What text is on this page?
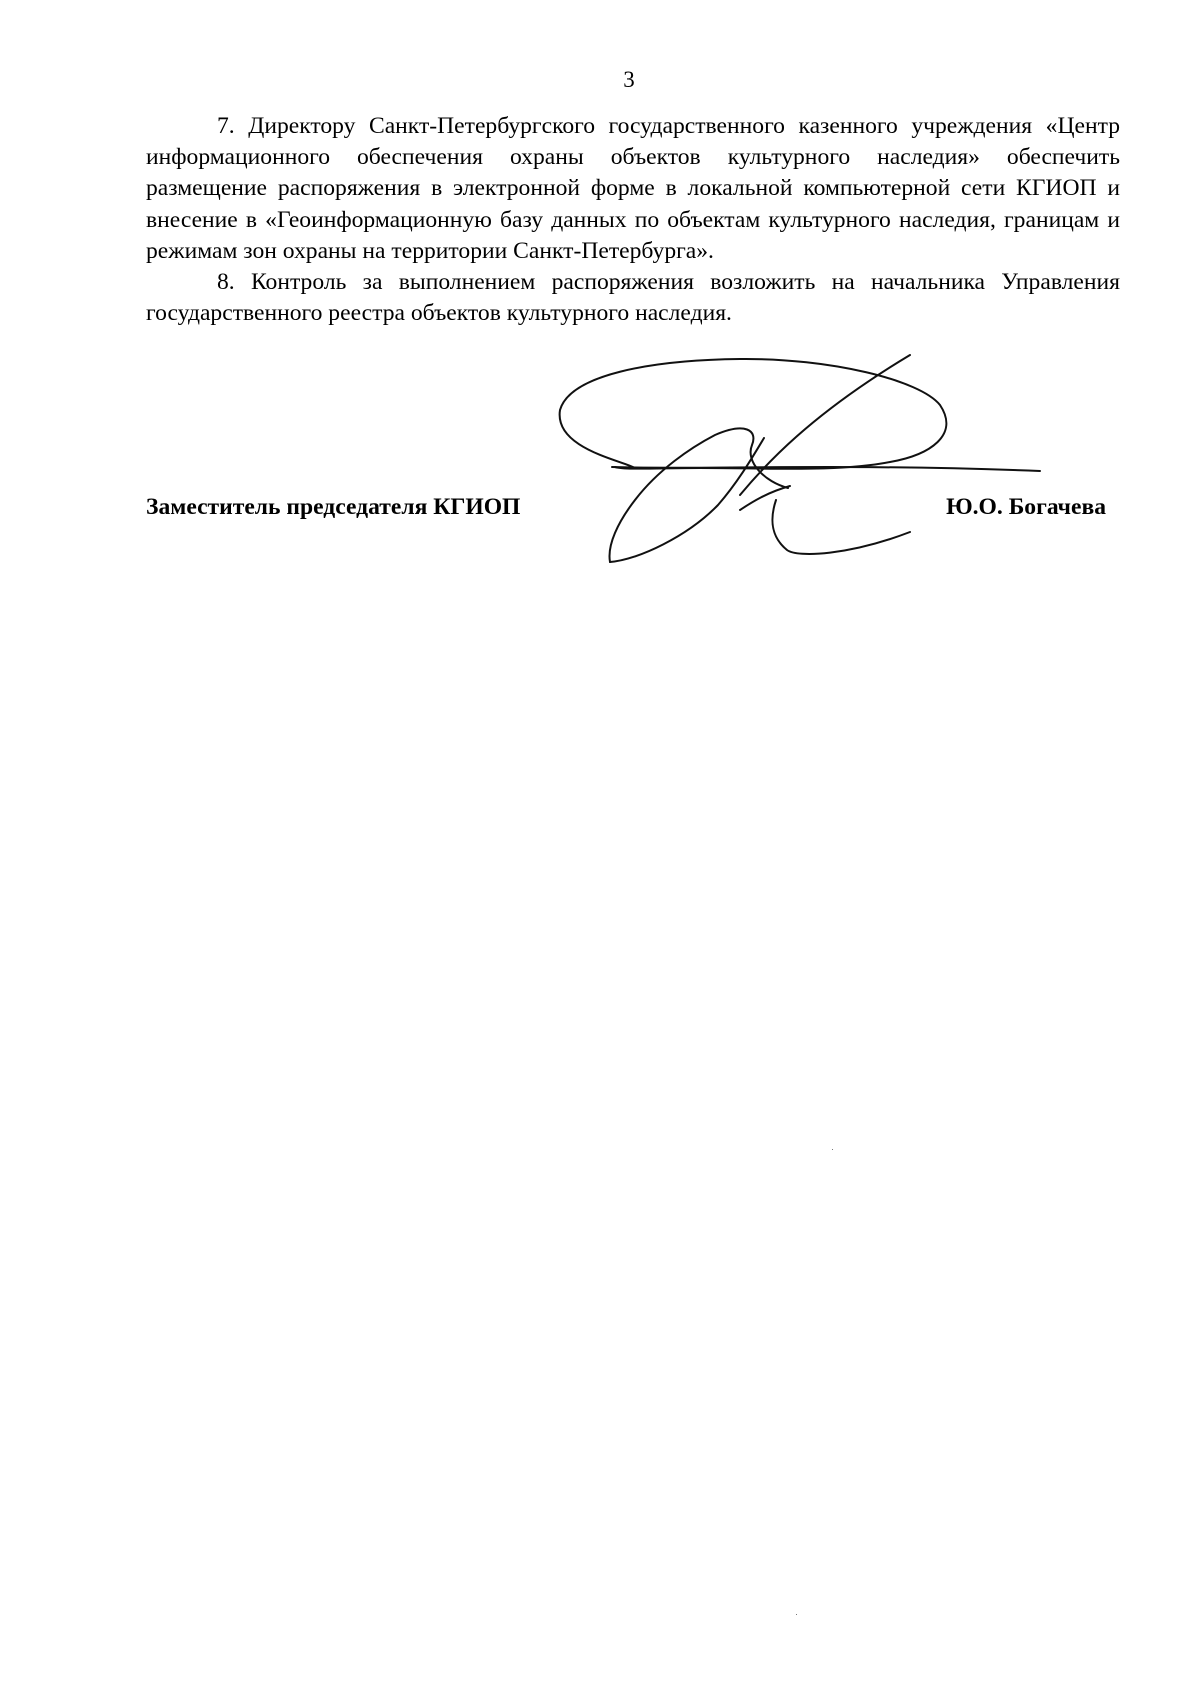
3

7. Директору Санкт-Петербургского государственного казенного учреждения «Центр информационного обеспечения охраны объектов культурного наследия» обеспечить размещение распоряжения в электронной форме в локальной компьютерной сети КГИОП и внесение в «Геоинформационную базу данных по объектам культурного наследия, границам и режимам зон охраны на территории Санкт-Петербурга».

8. Контроль за выполнением распоряжения возложить на начальника Управления государственного реестра объектов культурного наследия.

Заместитель председателя КГИОП	Ю.О. Богачева
